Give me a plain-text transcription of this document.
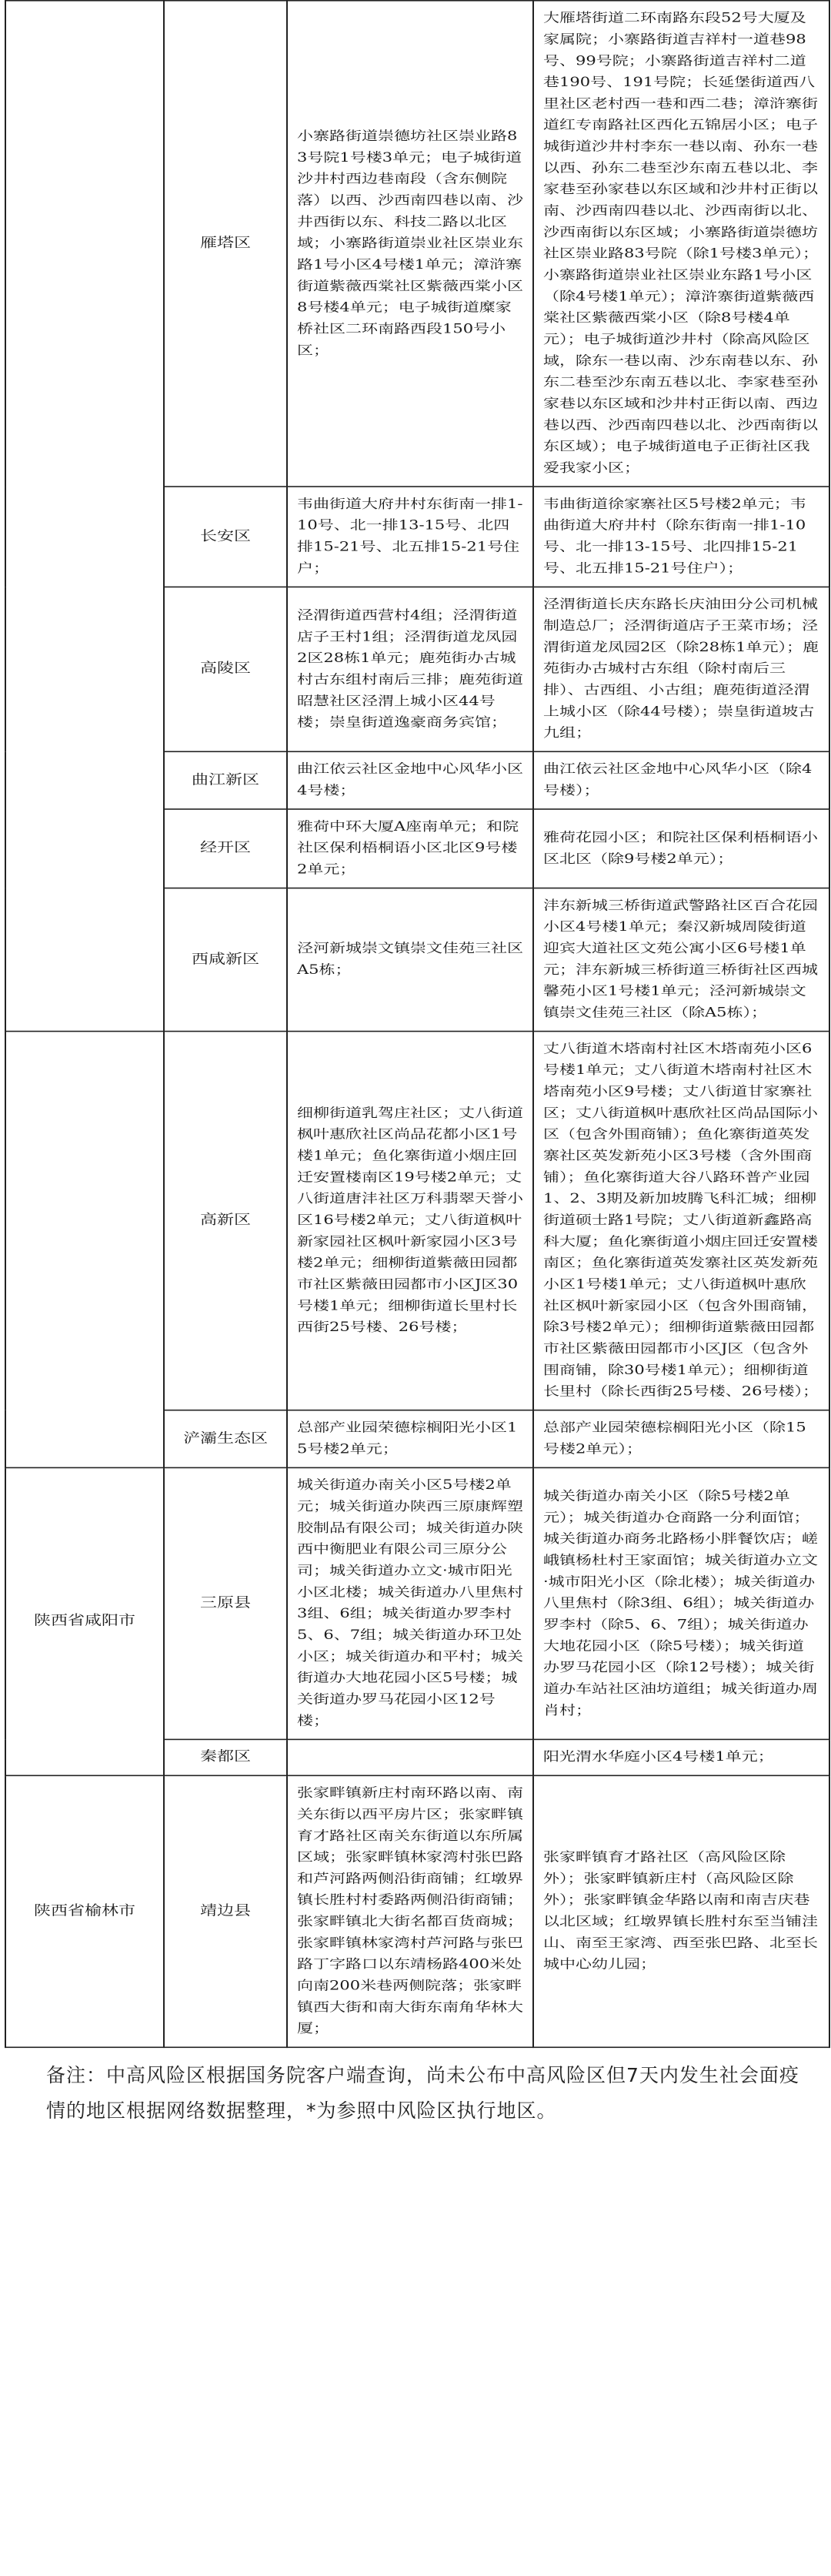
	雁塔区	小寨路街道崇德坊社区崇业路83号院1号楼3单元；电子城街道沙井村西边巷南段（含东侧院落）以西、沙西南四巷以南、沙井西街以东、科技二路以北区域；小寨路街道崇业社区崇业东路1号小区4号楼1单元；漳浒寨街道紫薇西棠社区紫薇西棠小区8号楼4单元；电子城街道糜家桥社区二环南路西段150号小区；	大雁塔街道二环南路东段52号大厦及家属院；小寨路街道吉祥村一道巷98号、99号院；小寨路街道吉祥村二道巷190号、191号院；长延堡街道西八里社区老村西一巷和西二巷；漳浒寨街道红专南路社区西化五锦居小区；电子城街道沙井村李东一巷以南、孙东一巷以西、孙东二巷至沙东南五巷以北、李家巷至孙家巷以东区域和沙井村正街以南、沙西南四巷以北、沙西南街以北、沙西南街以东区域；小寨路街道崇德坊社区崇业路83号院（除1号楼3单元）；小寨路街道崇业社区崇业东路1号小区（除4号楼1单元）；漳浒寨街道紫薇西棠社区紫薇西棠小区（除8号楼4单元）；电子城街道沙井村（除高风险区域，除东一巷以南、沙东南巷以东、孙东二巷至沙东南五巷以北、李家巷至孙家巷以东区域和沙井村正街以南、西边巷以西、沙西南四巷以北、沙西南街以东区域）；电子城街道电子正街社区我爱我家小区；
	长安区	韦曲街道大府井村东街南一排1-10号、北一排13-15号、北四排15-21号、北五排15-21号住户；	韦曲街道徐家寨社区5号楼2单元；韦曲街道大府井村（除东街南一排1-10号、北一排13-15号、北四排15-21号、北五排15-21号住户）；
	高陵区	泾渭街道西营村4组；泾渭街道店子王村1组；泾渭街道龙凤园2区28栋1单元；鹿苑街办古城村古东组村南后三排；鹿苑街道昭慧社区泾渭上城小区44号楼；崇皇街道逸豪商务宾馆；	泾渭街道长庆东路长庆油田分公司机械制造总厂；泾渭街道店子王菜市场；泾渭街道龙凤园2区（除28栋1单元）；鹿苑街办古城村古东组（除村南后三排）、古西组、小古组；鹿苑街道泾渭上城小区（除44号楼）；崇皇街道坡古九组；
	曲江新区	曲江依云社区金地中心风华小区4号楼；	曲江依云社区金地中心风华小区（除4号楼）；
	经开区	雅荷中环大厦A座南单元；和院社区保利梧桐语小区北区9号楼2单元；	雅荷花园小区；和院社区保利梧桐语小区北区（除9号楼2单元）；
	西咸新区	泾河新城崇文镇崇文佳苑三社区A5栋；	沣东新城三桥街道武警路社区百合花园小区4号楼1单元；秦汉新城周陵街道迎宾大道社区文苑公寓小区6号楼1单元；沣东新城三桥街道三桥街社区西城馨苑小区1号楼1单元；泾河新城崇文镇崇文佳苑三社区（除A5栋）；
	高新区	细柳街道乳驾庄社区；丈八街道枫叶惠欣社区尚品花都小区1号楼1单元；鱼化寨街道小烟庄回迁安置楼南区19号楼2单元；丈八街道唐沣社区万科翡翠天誉小区16号楼2单元；丈八街道枫叶新家园社区枫叶新家园小区3号楼2单元；细柳街道紫薇田园都市社区紫薇田园都市小区J区30号楼1单元；细柳街道长里村长西街25号楼、26号楼；	丈八街道木塔南村社区木塔南苑小区6号楼1单元；丈八街道木塔南村社区木塔南苑小区9号楼；丈八街道甘家寨社区；丈八街道枫叶惠欣社区尚品国际小区（包含外围商铺）；鱼化寨街道英发寨社区英发新苑小区3号楼（含外围商铺）；鱼化寨街道大谷八路环普产业园1、2、3期及新加坡腾飞科汇城；细柳街道硕士路1号院；丈八街道新鑫路高科大厦；鱼化寨街道小烟庄回迁安置楼南区；鱼化寨街道英发寨社区英发新苑小区1号楼1单元；丈八街道枫叶惠欣社区枫叶新家园小区（包含外围商铺，除3号楼2单元）；细柳街道紫薇田园都市社区紫薇田园都市小区J区（包含外围商铺，除30号楼1单元）；细柳街道长里村（除长西街25号楼、26号楼）；
	浐灞生态区	总部产业园荣德棕榈阳光小区15号楼2单元；	总部产业园荣德棕榈阳光小区（除15号楼2单元）；
陕西省咸阳市	三原县	城关街道办南关小区5号楼2单元；城关街道办陕西三原康辉塑胶制品有限公司；城关街道办陕西中衡肥业有限公司三原分公司；城关街道办立文·城市阳光小区北楼；城关街道办八里焦村3组、6组；城关街道办罗李村5、6、7组；城关街道办环卫处小区；城关街道办和平村；城关街道办大地花园小区5号楼；城关街道办罗马花园小区12号楼；	城关街道办南关小区（除5号楼2单元）；城关街道办仓商路一分利面馆；城关街道办商务北路杨小胖餐饮店；嵯峨镇杨杜村王家面馆；城关街道办立文·城市阳光小区（除北楼）；城关街道办八里焦村（除3组、6组）；城关街道办罗李村（除5、6、7组）；城关街道办大地花园小区（除5号楼）；城关街道办罗马花园小区（除12号楼）；城关街道办车站社区油坊道组；城关街道办周肖村；
	秦都区		阳光渭水华庭小区4号楼1单元；
陕西省榆林市	靖边县	张家畔镇新庄村南环路以南、南关东街以西平房片区；张家畔镇育才路社区南关东街道以东所属区域；张家畔镇林家湾村张巴路和芦河路两侧沿街商铺；红墩界镇长胜村村委路两侧沿街商铺；张家畔镇北大街名都百货商城；张家畔镇林家湾村芦河路与张巴路丁字路口以东靖杨路400米处向南200米巷两侧院落；张家畔镇西大街和南大街东南角华林大厦；	张家畔镇育才路社区（高风险区除外）；张家畔镇新庄村（高风险区除外）；张家畔镇金华路以南和南吉庆巷以北区域；红墩界镇长胜村东至当铺洼山、南至王家湾、西至张巴路、北至长城中心幼儿园；
备注：中高风险区根据国务院客户端查询，尚未公布中高风险区但7天内发生社会面疫情的地区根据网络数据整理，*为参照中风险区执行地区。
